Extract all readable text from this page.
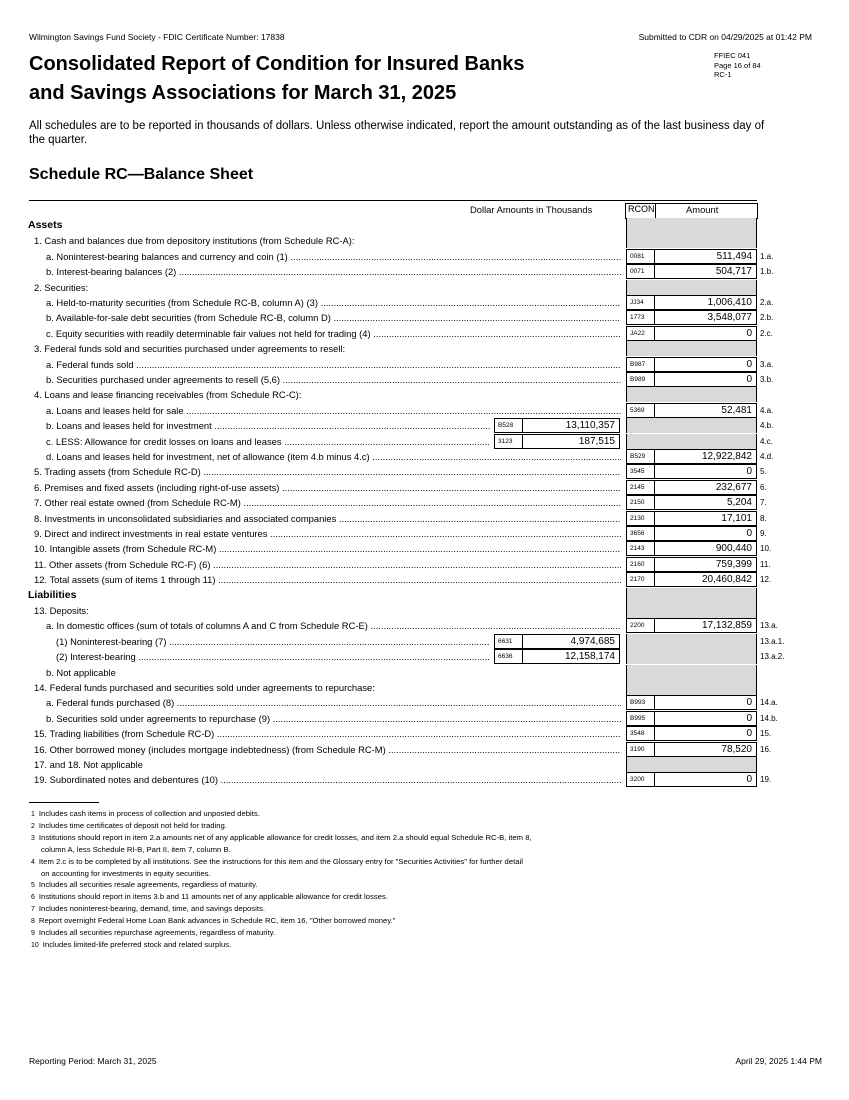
Wilmington Savings Fund Society - FDIC Certificate Number: 17838	Submitted to CDR on 04/29/2025 at 01:42 PM
FFIEC 041
Page 16 of 84
RC-1
Consolidated Report of Condition for Insured Banks
and Savings Associations for March 31, 2025
All schedules are to be reported in thousands of dollars. Unless otherwise indicated, report the amount outstanding as of the last business day of the quarter.
Schedule RC—Balance Sheet
Dollar Amounts in Thousands	RCON	Amount
Assets
1. Cash and balances due from depository institutions (from Schedule RC-A):
a. Noninterest-bearing balances and currency and coin (1) .....	0081	511,494	1.a.
b. Interest-bearing balances (2) .....	0071	504,717	1.b.
2. Securities:
a. Held-to-maturity securities (from Schedule RC-B, column A) (3) .....	JJ34	1,006,410	2.a.
b. Available-for-sale debt securities (from Schedule RC-B, column D) .....	1773	3,548,077	2.b.
c. Equity securities with readily determinable fair values not held for trading (4) .....	JA22	0	2.c.
3. Federal funds sold and securities purchased under agreements to resell:
a. Federal funds sold .....	B987	0	3.a.
b. Securities purchased under agreements to resell (5,6) .....	B989	0	3.b.
4. Loans and lease financing receivables (from Schedule RC-C):
a. Loans and leases held for sale .....	5369	52,481	4.a.
b. Loans and leases held for investment .....	B528	13,110,357	4.b.
c. LESS: Allowance for credit losses on loans and leases .....	3123	187,515	4.c.
d. Loans and leases held for investment, net of allowance (item 4.b minus 4.c) .....	B529	12,922,842	4.d.
5. Trading assets (from Schedule RC-D) .....	3545	0	5.
6. Premises and fixed assets (including right-of-use assets) .....	2145	232,677	6.
7. Other real estate owned (from Schedule RC-M) .....	2150	5,204	7.
8. Investments in unconsolidated subsidiaries and associated companies .....	2130	17,101	8.
9. Direct and indirect investments in real estate ventures .....	3656	0	9.
10. Intangible assets (from Schedule RC-M) .....	2143	900,440	10.
11. Other assets (from Schedule RC-F) (6) .....	2160	759,399	11.
12. Total assets (sum of items 1 through 11) .....	2170	20,460,842	12.
Liabilities
13. Deposits:
a. In domestic offices (sum of totals of columns A and C from Schedule RC-E) .....	2200	17,132,859	13.a.
(1) Noninterest-bearing (7) .....	6631	4,974,685	13.a.1.
(2) Interest-bearing .....	6636	12,158,174	13.a.2.
b. Not applicable
14. Federal funds purchased and securities sold under agreements to repurchase:
a. Federal funds purchased (8) .....	B993	0	14.a.
b. Securities sold under agreements to repurchase (9) .....	B995	0	14.b.
15. Trading liabilities (from Schedule RC-D) .....	3548	0	15.
16. Other borrowed money (includes mortgage indebtedness) (from Schedule RC-M) .....	3190	78,520	16.
17. and 18. Not applicable
19. Subordinated notes and debentures (10) .....	3200	0	19.
1 Includes cash items in process of collection and unposted debits.
2 Includes time certificates of deposit not held for trading.
3 Institutions should report in item 2.a amounts net of any applicable allowance for credit losses, and item 2.a should equal Schedule RC-B, item 8,
column A, less Schedule RI-B, Part II, item 7, column B.
4 Item 2.c is to be completed by all institutions. See the instructions for this item and the Glossary entry for "Securities Activities" for further detail
on accounting for investments in equity securities.
5 Includes all securities resale agreements, regardless of maturity.
6 Institutions should report in items 3.b and 11 amounts net of any applicable allowance for credit losses.
7 Includes noninterest-bearing, demand, time, and savings deposits.
8 Report overnight Federal Home Loan Bank advances in Schedule RC, item 16, "Other borrowed money."
9 Includes all securities repurchase agreements, regardless of maturity.
10 Includes limited-life preferred stock and related surplus.
Reporting Period: March 31, 2025	April 29, 2025 1:44 PM
